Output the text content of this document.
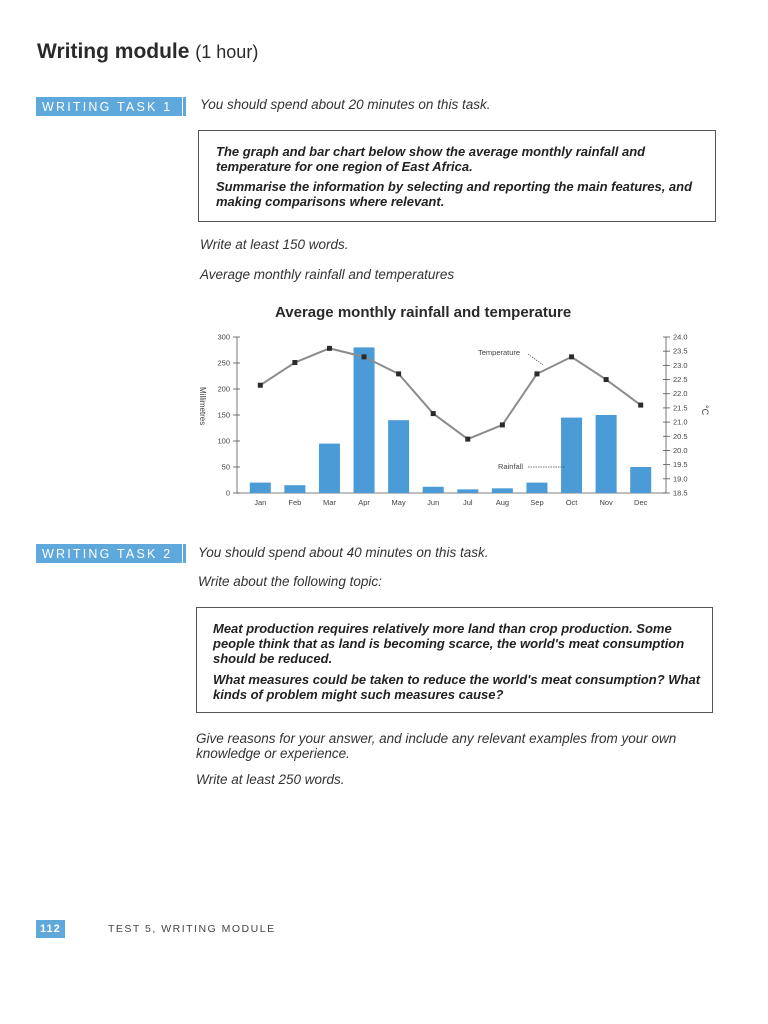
Writing module (1 hour)
WRITING TASK 1	You should spend about 20 minutes on this task.

The graph and bar chart below show the average monthly rainfall and temperature for one region of East Africa.

Summarise the information by selecting and reporting the main features, and making comparisons where relevant.

Write at least 150 words.
Average monthly rainfall and temperatures
Average monthly rainfall and temperature
0
50
100
150
200
250
300
18.5
19.0
19.5
20.0
20.5
21.0
21.5
22.0
22.5
23.0
23.5
24.0
Jan	Feb	Mar	Apr	May	Jun	Jul	Aug	Sep	Oct	Nov	Dec
Millimetres	°C
Temperature
Rainfall
WRITING TASK 2	You should spend about 40 minutes on this task.
Write about the following topic:

Meat production requires relatively more land than crop production. Some people think that as land is becoming scarce, the world's meat consumption should be reduced.

What measures could be taken to reduce the world's meat consumption? What kinds of problem might such measures cause?

Give reasons for your answer, and include any relevant examples from your own knowledge or experience.
Write at least 250 words.
112	TEST 5, WRITING MODULE
